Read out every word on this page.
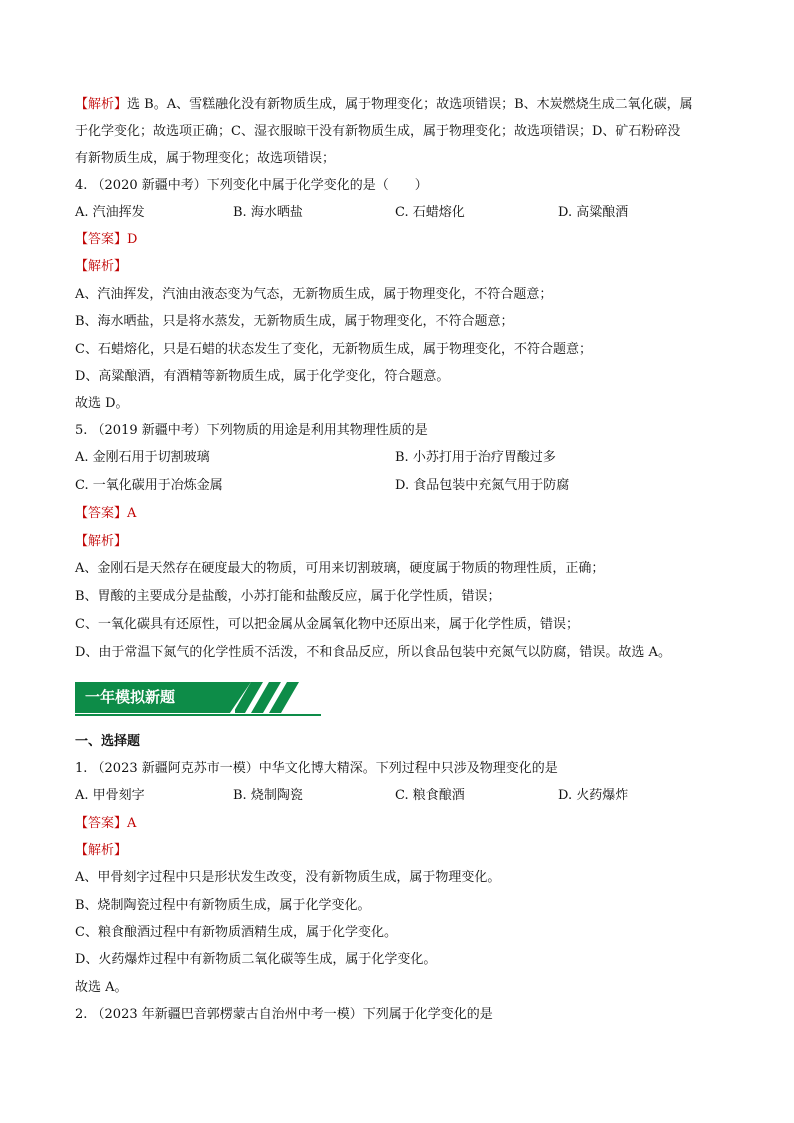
【解析】选 B。A、雪糕融化没有新物质生成，属于物理变化；故选项错误；B、木炭燃烧生成二氧化碳，属
于化学变化；故选项正确；C、湿衣服晾干没有新物质生成，属于物理变化；故选项错误；D、矿石粉碎没
有新物质生成，属于物理变化；故选项错误；
4. （2020 新疆中考）下列变化中属于化学变化的是（　　）
A. 汽油挥发	B. 海水晒盐	C. 石蜡熔化	D. 高粱酿酒
【答案】D
【解析】
A、汽油挥发，汽油由液态变为气态，无新物质生成，属于物理变化，不符合题意；
B、海水晒盐，只是将水蒸发，无新物质生成，属于物理变化，不符合题意；
C、石蜡熔化，只是石蜡的状态发生了变化，无新物质生成，属于物理变化，不符合题意；
D、高粱酿酒，有酒精等新物质生成，属于化学变化，符合题意。
故选 D。
5. （2019 新疆中考）下列物质的用途是利用其物理性质的是
A. 金刚石用于切割玻璃	B. 小苏打用于治疗胃酸过多
C. 一氧化碳用于冶炼金属	D. 食品包装中充氮气用于防腐
【答案】A
【解析】
A、金刚石是天然存在硬度最大的物质，可用来切割玻璃，硬度属于物质的物理性质，正确；
B、胃酸的主要成分是盐酸，小苏打能和盐酸反应，属于化学性质，错误；
C、一氧化碳具有还原性，可以把金属从金属氧化物中还原出来，属于化学性质，错误；
D、由于常温下氮气的化学性质不活泼，不和食品反应，所以食品包装中充氮气以防腐，错误。故选 A。
一年模拟新题
一、选择题
1. （2023 新疆阿克苏市一模）中华文化博大精深。下列过程中只涉及物理变化的是
A. 甲骨刻字	B. 烧制陶瓷	C. 粮食酿酒	D. 火药爆炸
【答案】A
【解析】
A、甲骨刻字过程中只是形状发生改变，没有新物质生成，属于物理变化。
B、烧制陶瓷过程中有新物质生成，属于化学变化。
C、粮食酿酒过程中有新物质酒精生成，属于化学变化。
D、火药爆炸过程中有新物质二氧化碳等生成，属于化学变化。
故选 A。
2. （2023 年新疆巴音郭楞蒙古自治州中考一模）下列属于化学变化的是
